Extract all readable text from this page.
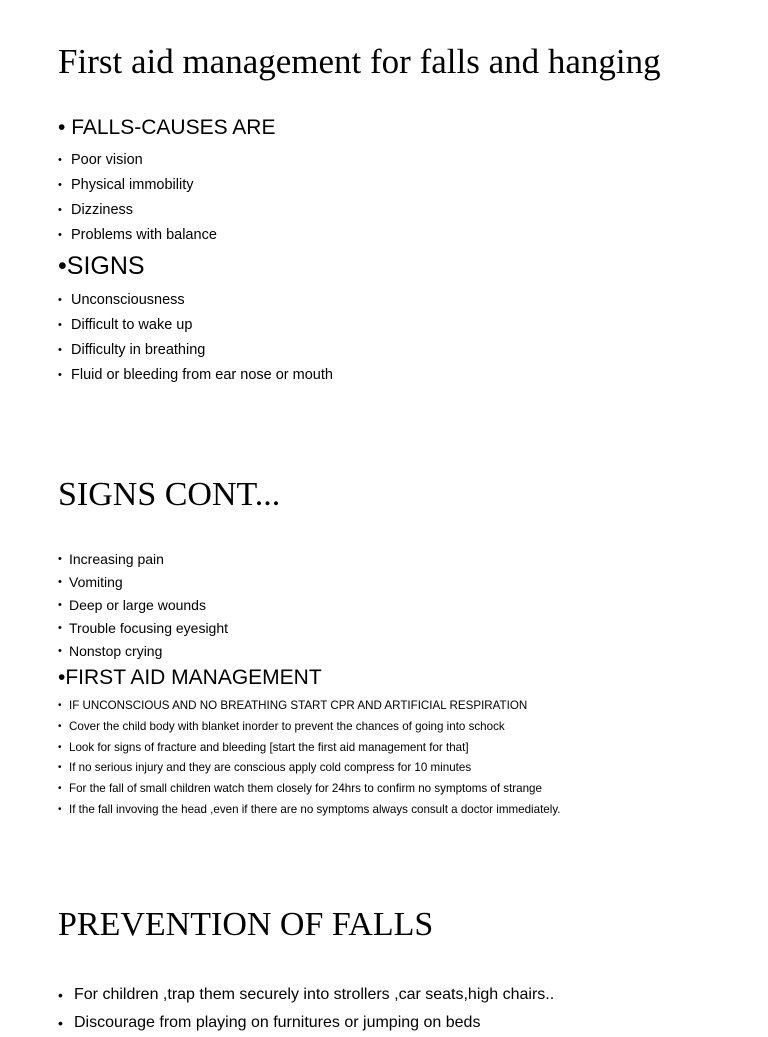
First aid management for falls and hanging
• FALLS-CAUSES ARE
• Poor vision
• Physical immobility
• Dizziness
• Problems with balance
•SIGNS
• Unconsciousness
• Difficult to wake up
• Difficulty in breathing
• Fluid or bleeding from ear nose or mouth
SIGNS CONT...
• Increasing pain
• Vomiting
• Deep or large wounds
• Trouble focusing eyesight
• Nonstop crying
•FIRST AID MANAGEMENT
• IF UNCONSCIOUS AND NO BREATHING START CPR AND ARTIFICIAL RESPIRATION
• Cover the child body with blanket inorder to prevent the chances of going into schock
• Look for signs of fracture and bleeding [start the first aid management for that]
• If no serious injury and they are conscious apply cold compress for 10 minutes
• For the fall of small children watch them closely for 24hrs to confirm no symptoms of strange
• If the fall invoving the head ,even if there are no symptoms always consult a doctor immediately.
PREVENTION OF FALLS
• For children ,trap them securely into strollers ,car seats,high chairs..
• Discourage from playing on furnitures or jumping on beds
